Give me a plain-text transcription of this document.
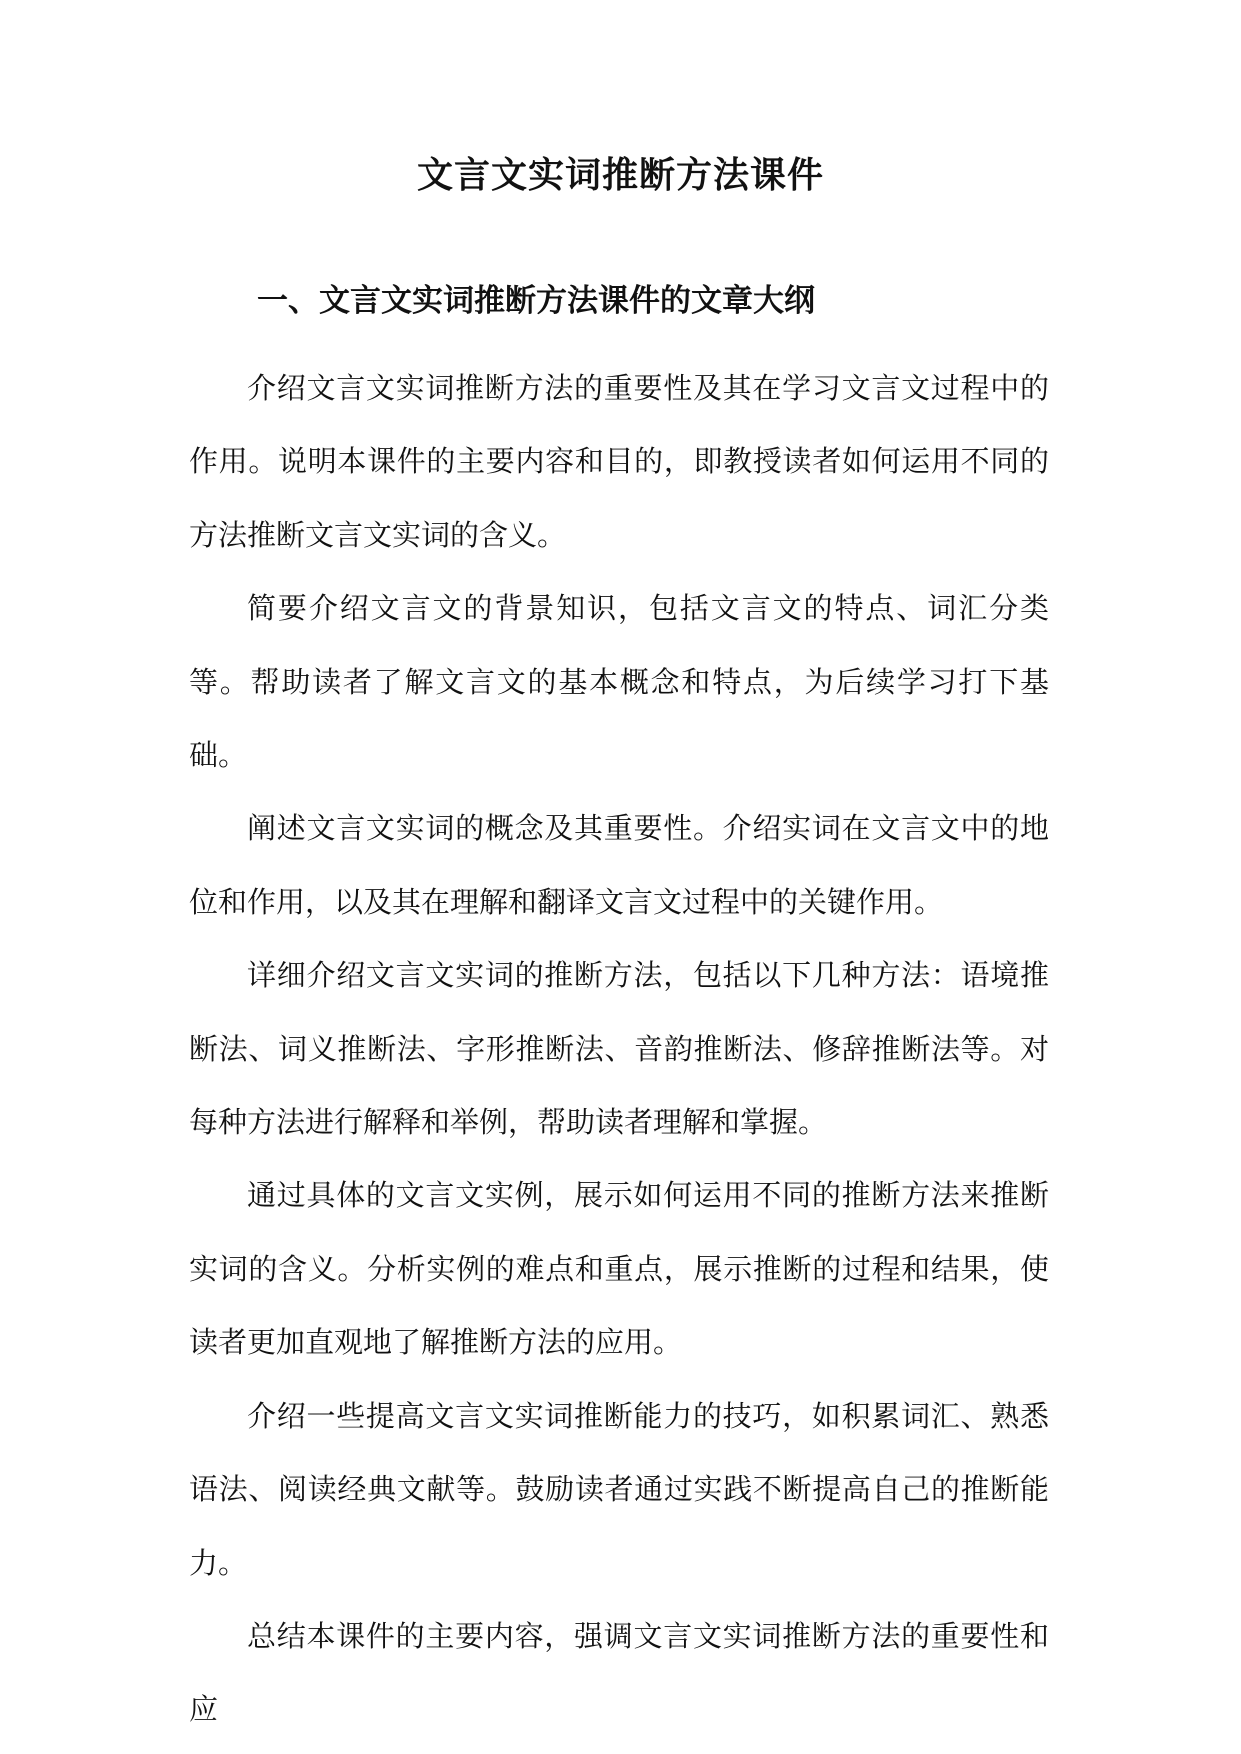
文言文实词推断方法课件
一、文言文实词推断方法课件的文章大纲

介绍文言文实词推断方法的重要性及其在学习文言文过程中的作用。说明本课件的主要内容和目的，即教授读者如何运用不同的方法推断文言文实词的含义。

简要介绍文言文的背景知识，包括文言文的特点、词汇分类等。帮助读者了解文言文的基本概念和特点，为后续学习打下基础。

阐述文言文实词的概念及其重要性。介绍实词在文言文中的地位和作用，以及其在理解和翻译文言文过程中的关键作用。

详细介绍文言文实词的推断方法，包括以下几种方法：语境推断法、词义推断法、字形推断法、音韵推断法、修辞推断法等。对每种方法进行解释和举例，帮助读者理解和掌握。

通过具体的文言文实例，展示如何运用不同的推断方法来推断实词的含义。分析实例的难点和重点，展示推断的过程和结果，使读者更加直观地了解推断方法的应用。

介绍一些提高文言文实词推断能力的技巧，如积累词汇、熟悉语法、阅读经典文献等。鼓励读者通过实践不断提高自己的推断能力。

总结本课件的主要内容，强调文言文实词推断方法的重要性和应
